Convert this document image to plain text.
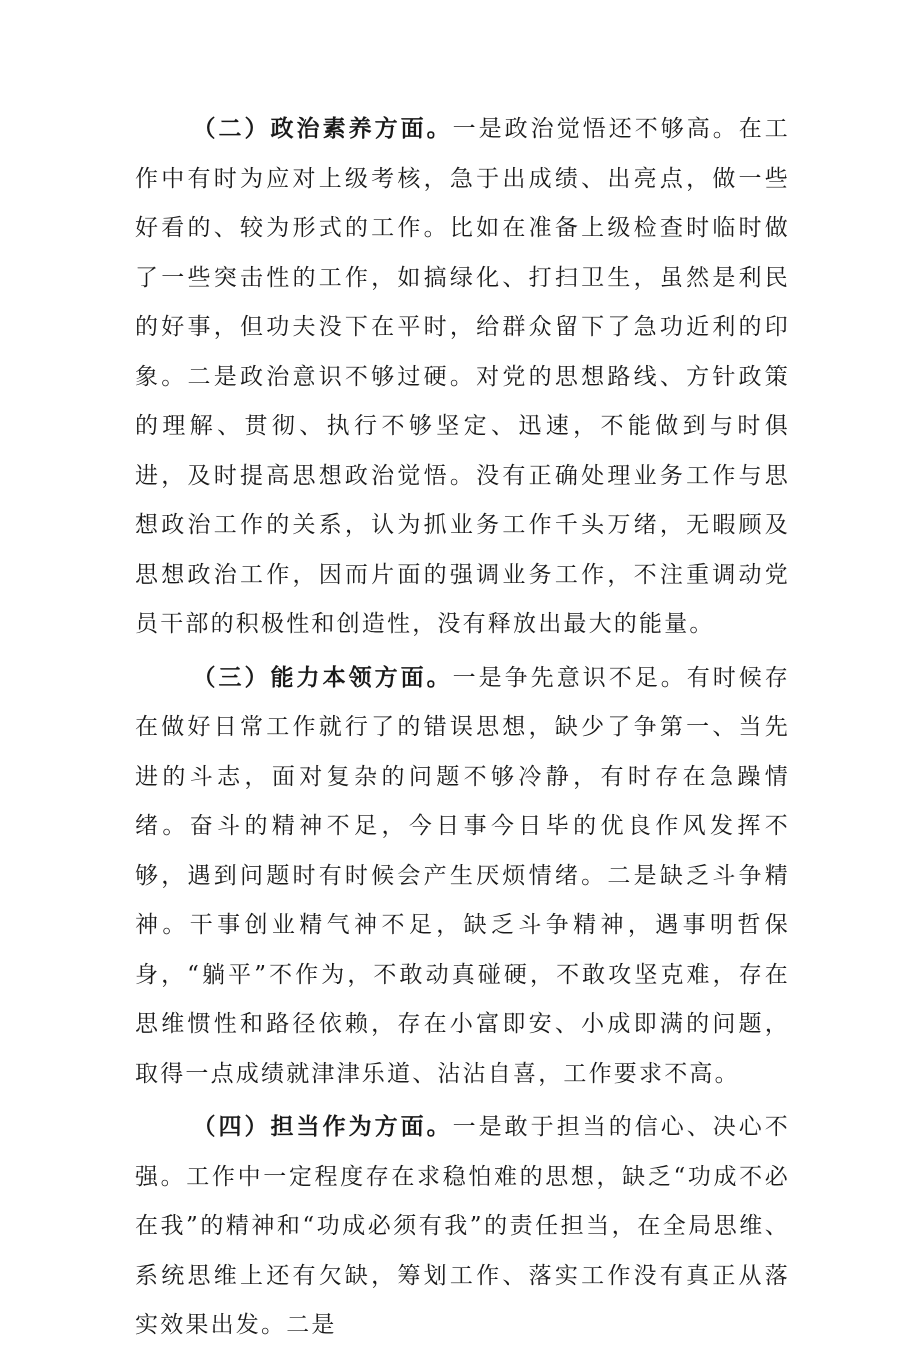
（二）政治素养方面。一是政治觉悟还不够高。在工作中有时为应对上级考核，急于出成绩、出亮点，做一些好看的、较为形式的工作。比如在准备上级检查时临时做了一些突击性的工作，如搞绿化、打扫卫生，虽然是利民的好事，但功夫没下在平时，给群众留下了急功近利的印象。二是政治意识不够过硬。对党的思想路线、方针政策的理解、贯彻、执行不够坚定、迅速，不能做到与时俱进，及时提高思想政治觉悟。没有正确处理业务工作与思想政治工作的关系，认为抓业务工作千头万绪，无暇顾及思想政治工作，因而片面的强调业务工作，不注重调动党员干部的积极性和创造性，没有释放出最大的能量。

（三）能力本领方面。一是争先意识不足。有时候存在做好日常工作就行了的错误思想，缺少了争第一、当先进的斗志，面对复杂的问题不够冷静，有时存在急躁情绪。奋斗的精神不足，今日事今日毕的优良作风发挥不够，遇到问题时有时候会产生厌烦情绪。二是缺乏斗争精神。干事创业精气神不足，缺乏斗争精神，遇事明哲保身，“躺平”不作为，不敢动真碰硬，不敢攻坚克难，存在思维惯性和路径依赖，存在小富即安、小成即满的问题，取得一点成绩就津津乐道、沾沾自喜，工作要求不高。

（四）担当作为方面。一是敢于担当的信心、决心不强。工作中一定程度存在求稳怕难的思想，缺乏“功成不必在我”的精神和“功成必须有我”的责任担当，在全局思维、系统思维上还有欠缺，筹划工作、落实工作没有真正从落实效果出发。二是
